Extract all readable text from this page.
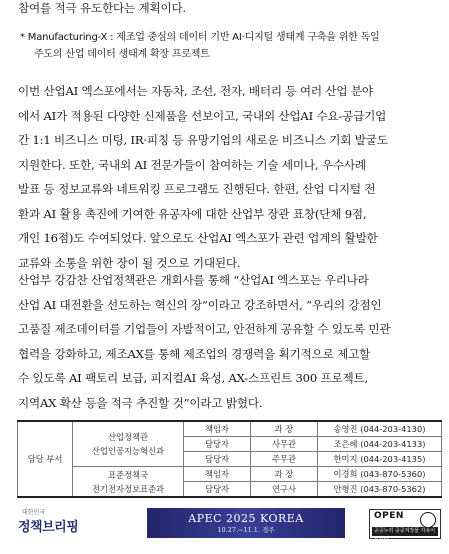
참여를 적극 유도한다는 계획이다.
* Manufacturing-X : 제조업 중심의 데이터 기반 AI·디지털 생태계 구축을 위한 독일
주도의 산업 데이터 생태계 확장 프로젝트
이번 산업AI 엑스포에서는 자동차, 조선, 전자, 배터리 등 여러 산업 분야
에서 AI가 적용된 다양한 신제품을 선보이고, 국내외 산업AI 수요-공급기업
간 1:1 비즈니스 미팅, IR·피칭 등 유망기업의 새로운 비즈니스 기회 발굴도
지원한다. 또한, 국내외 AI 전문가들이 참여하는 기술 세미나, 우수사례
발표 등 정보교류와 네트워킹 프로그램도 진행된다. 한편, 산업 디지털 전
환과 AI 활용 촉진에 기여한 유공자에 대한 산업부 장관 표창(단체 9점,
개인 16점)도 수여되었다. 앞으로도 산업AI 엑스포가 관련 업계의 활발한
교류와 소통을 위한 장이 될 것으로 기대된다.
산업부 강감찬 산업정책관은 개회사를 통해 “산업AI 엑스포는 우리나라
산업 AI 대전환을 선도하는 혁신의 장”이라고 강조하면서, “우리의 강점인
고품질 제조데이터를 기업들이 자발적이고, 안전하게 공유할 수 있도록 민관
협력을 강화하고, 제조AX를 통해 제조업의 경쟁력을 획기적으로 제고할
수 있도록 AI 팩토리 보급, 피지컬AI 육성, AX-스프린트 300 프로젝트,
지역AX 확산 등을 적극 추진할 것”이라고 밝혔다.
담당 부서	산업정책관
산업인공지능혁신과	책임자	과 장	송영진 (044-203-4130)
		담당자	사무관	조은혜 (044-203-4133)
		담당자	주무관	한미지 (044-203-4135)
	표준정책국
전기전자정보표준과	책임자	과 장	이경희 (043-870-5360)
		담당자	연구사	안형진 (043-870-5362)
대한민국
정책브리핑
APEC 2025 KOREA
10.27.~11.1. 경주
OPEN
공공누리 공공저작물 자유이용허락
